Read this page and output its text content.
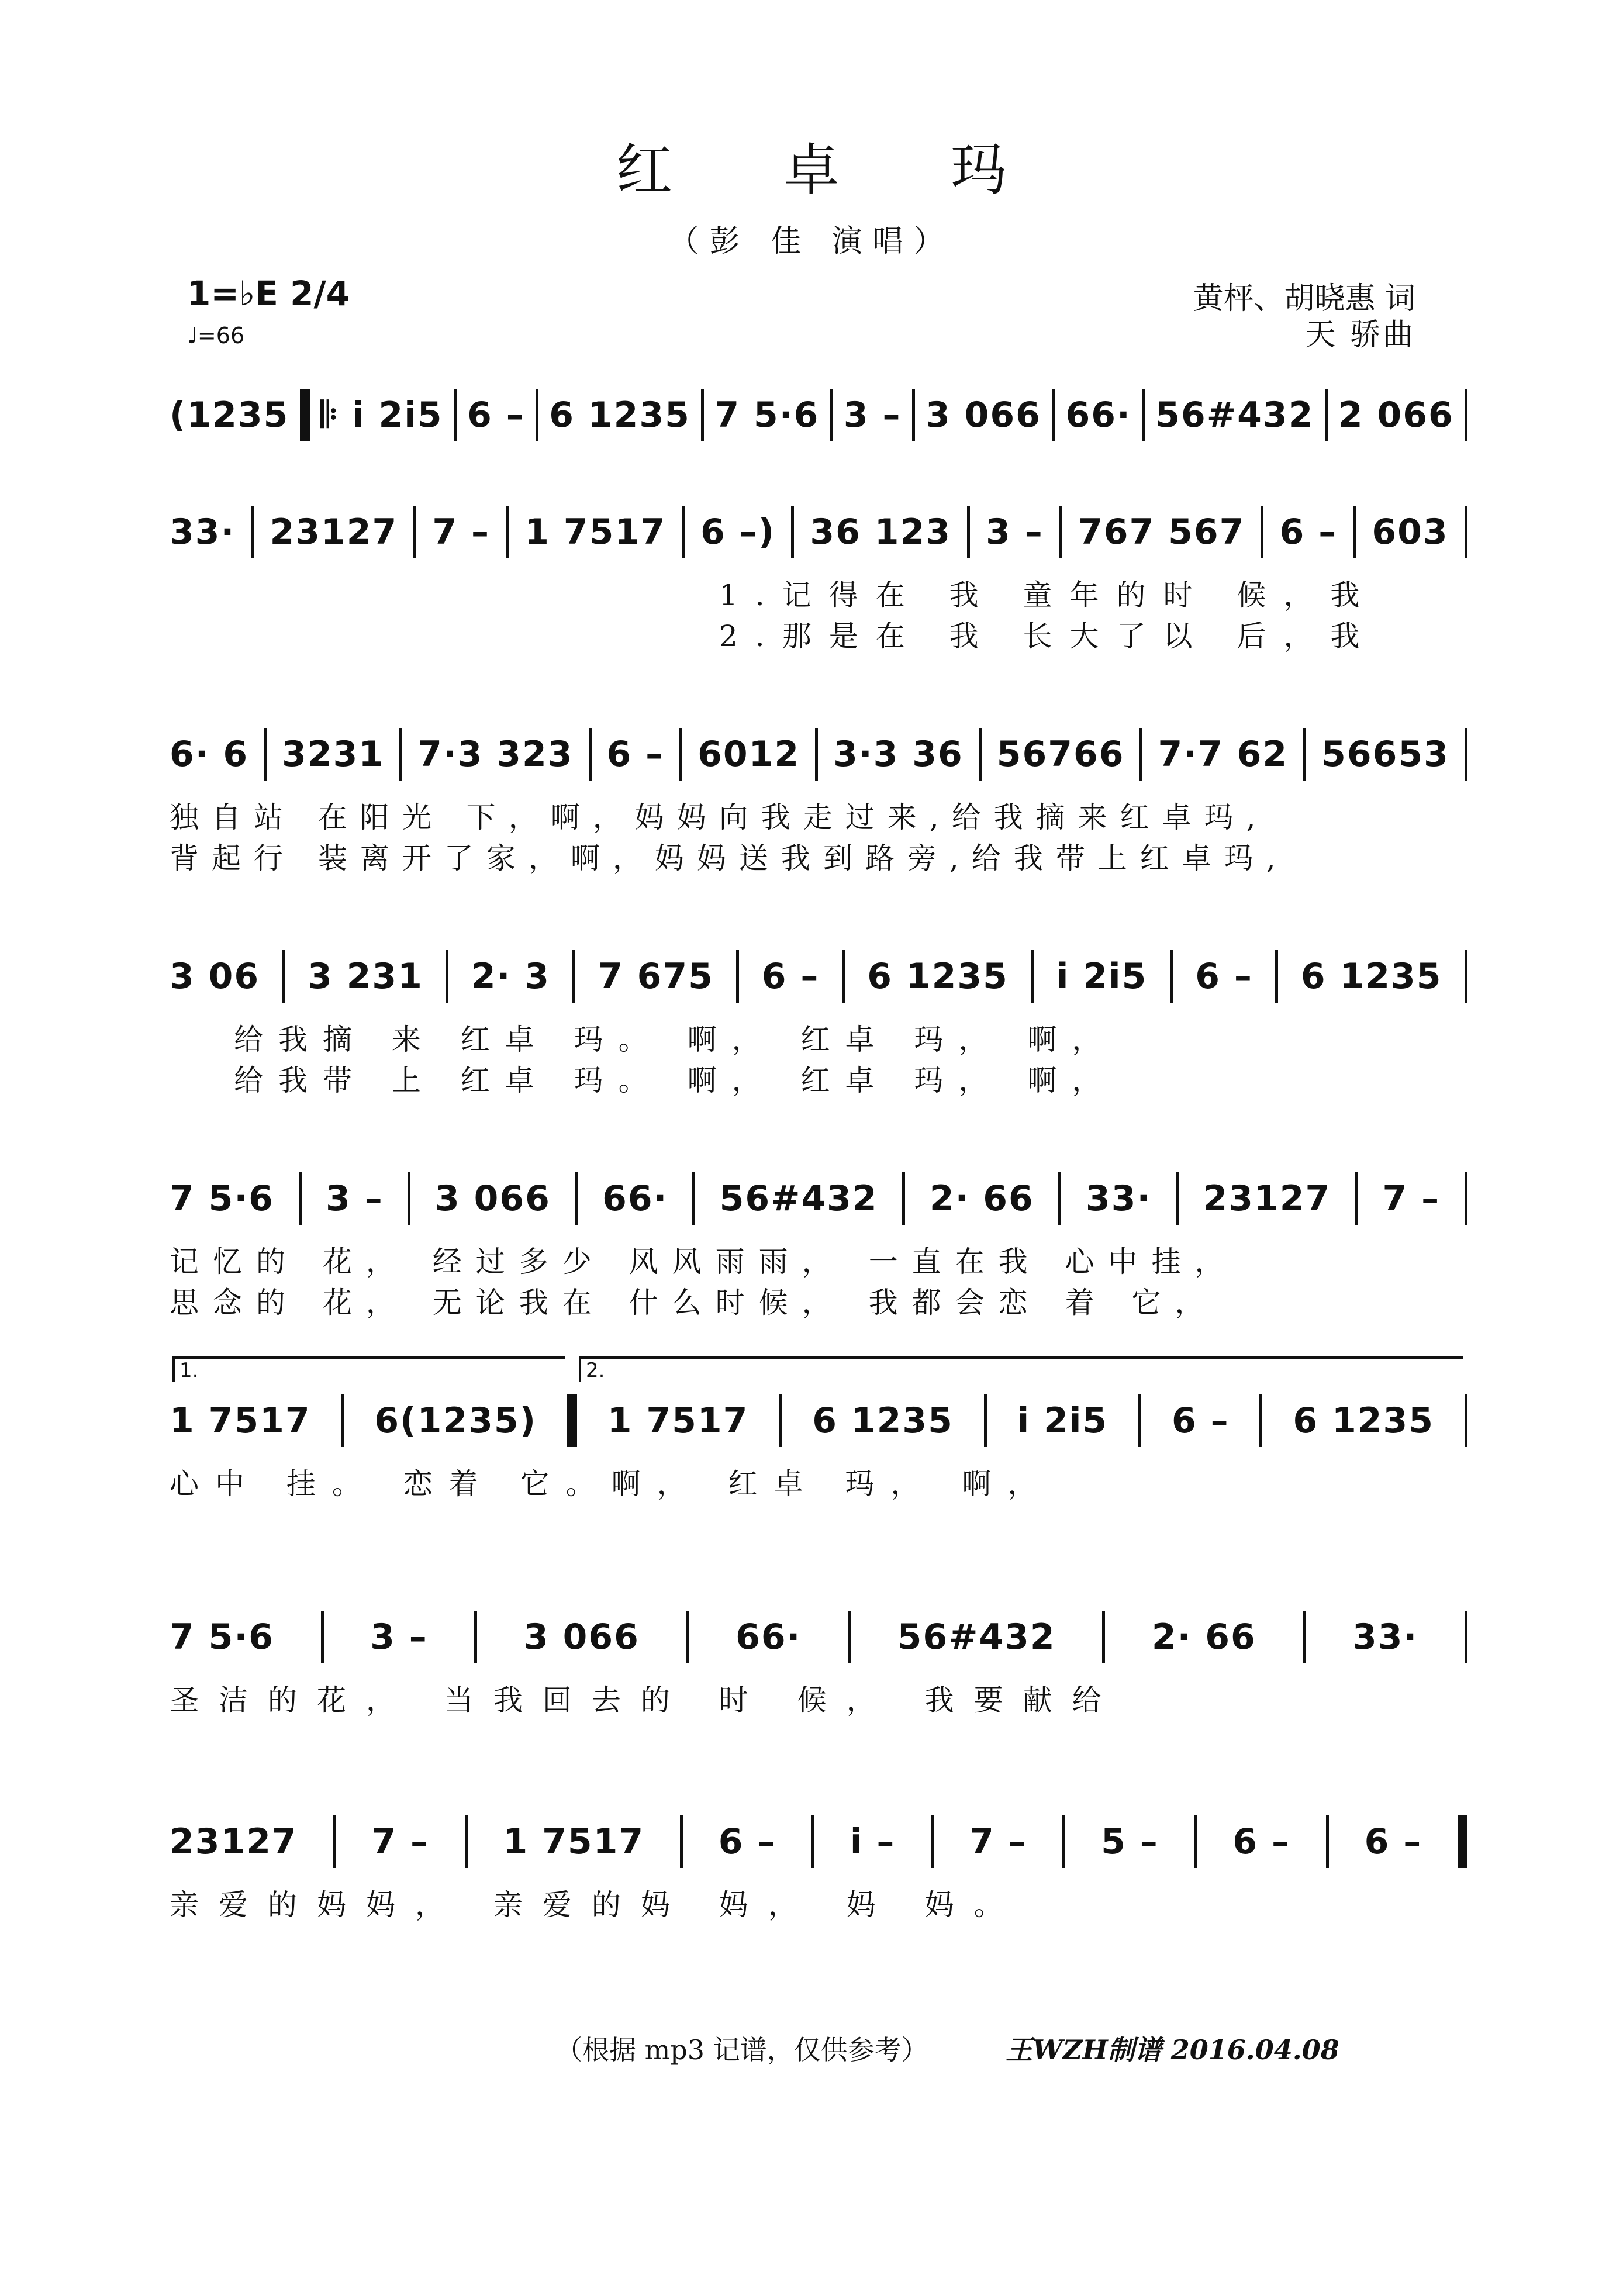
红卓玛
（彭 佳 演唱）
1=♭E 2/4
♩=66
黄枰、胡晓惠 词
天 骄曲
(1235 𝄆 i 2i5 6 – 6 1235 7 5·6 3 – 3 066 66· 56#432 2 066
33· 23127 7 – 1 7517 6 –) 36 123 3 – 767 567 6 – 603
1.记得在 我 童年的时 候，我
2.那是在 我 长大了以 后，我
6· 6 3231 7·3 323 6 – 6012 3·3 36 56766 7·7 62 56653
独自站 在阳光 下，啊，妈妈向我走过来,给我摘来红卓玛,
背起行 装离开了家，啊，妈妈送我到路旁,给我带上红卓玛,
3 06 3 231 2· 3 7 675 6 – 6 1235 i 2i5 6 – 6 1235
给我摘 来 红卓 玛。 啊， 红卓 玛， 啊，
给我带 上 红卓 玛。 啊， 红卓 玛， 啊，
7 5·6 3 – 3 066 66· 56#432 2· 66 33· 23127 7 –
记忆的 花， 经过多少 风风雨雨， 一直在我 心中挂，
思念的 花， 无论我在 什么时候， 我都会恋 着 它，
1.	2.
1 7517 6(1235) 1 7517 6 1235 i 2i5 6 – 6 1235
心中 挂。 恋着 它。啊， 红卓 玛， 啊，
7 5·6	3 –	3 066	66·	56#432	2· 66	33·
圣洁的花， 当我回去的 时 候， 我要献给
23127 7 – 1 7517 6 – i – 7 – 5 – 6 – 6 –
亲爱的妈妈， 亲爱的妈 妈， 妈 妈。
（根据 mp3 记谱，仅供参考）	王WZH制谱 2016.04.08
